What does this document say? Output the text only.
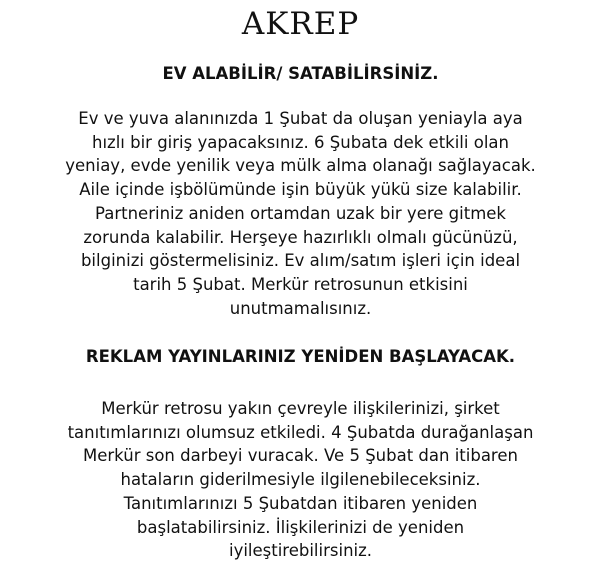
AKREP
EV ALABİLİR/ SATABİLİRSİNİZ.
Ev ve yuva alanınızda 1 Şubat da oluşan yeniayla aya
hızlı bir giriş yapacaksınız. 6 Şubata dek etkili olan
yeniay, evde yenilik veya mülk alma olanağı sağlayacak.
Aile içinde işbölümünde işin büyük yükü size kalabilir.
Partneriniz aniden ortamdan uzak bir yere gitmek
zorunda kalabilir. Herşeye hazırlıklı olmalı gücünüzü,
bilginizi göstermelisiniz. Ev alım/satım işleri için ideal
tarih 5 Şubat. Merkür retrosunun etkisini
unutmamalısınız.
REKLAM YAYINLARINIZ YENİDEN BAŞLAYACAK.
Merkür retrosu yakın çevreyle ilişkilerinizi, şirket
tanıtımlarınızı olumsuz etkiledi. 4 Şubatda durağanlaşan
Merkür son darbeyi vuracak. Ve 5 Şubat dan itibaren
hataların giderilmesiyle ilgilenebileceksiniz.
Tanıtımlarınızı 5 Şubatdan itibaren yeniden
başlatabilirsiniz. İlişkilerinizi de yeniden
iyileştirebilirsiniz.
